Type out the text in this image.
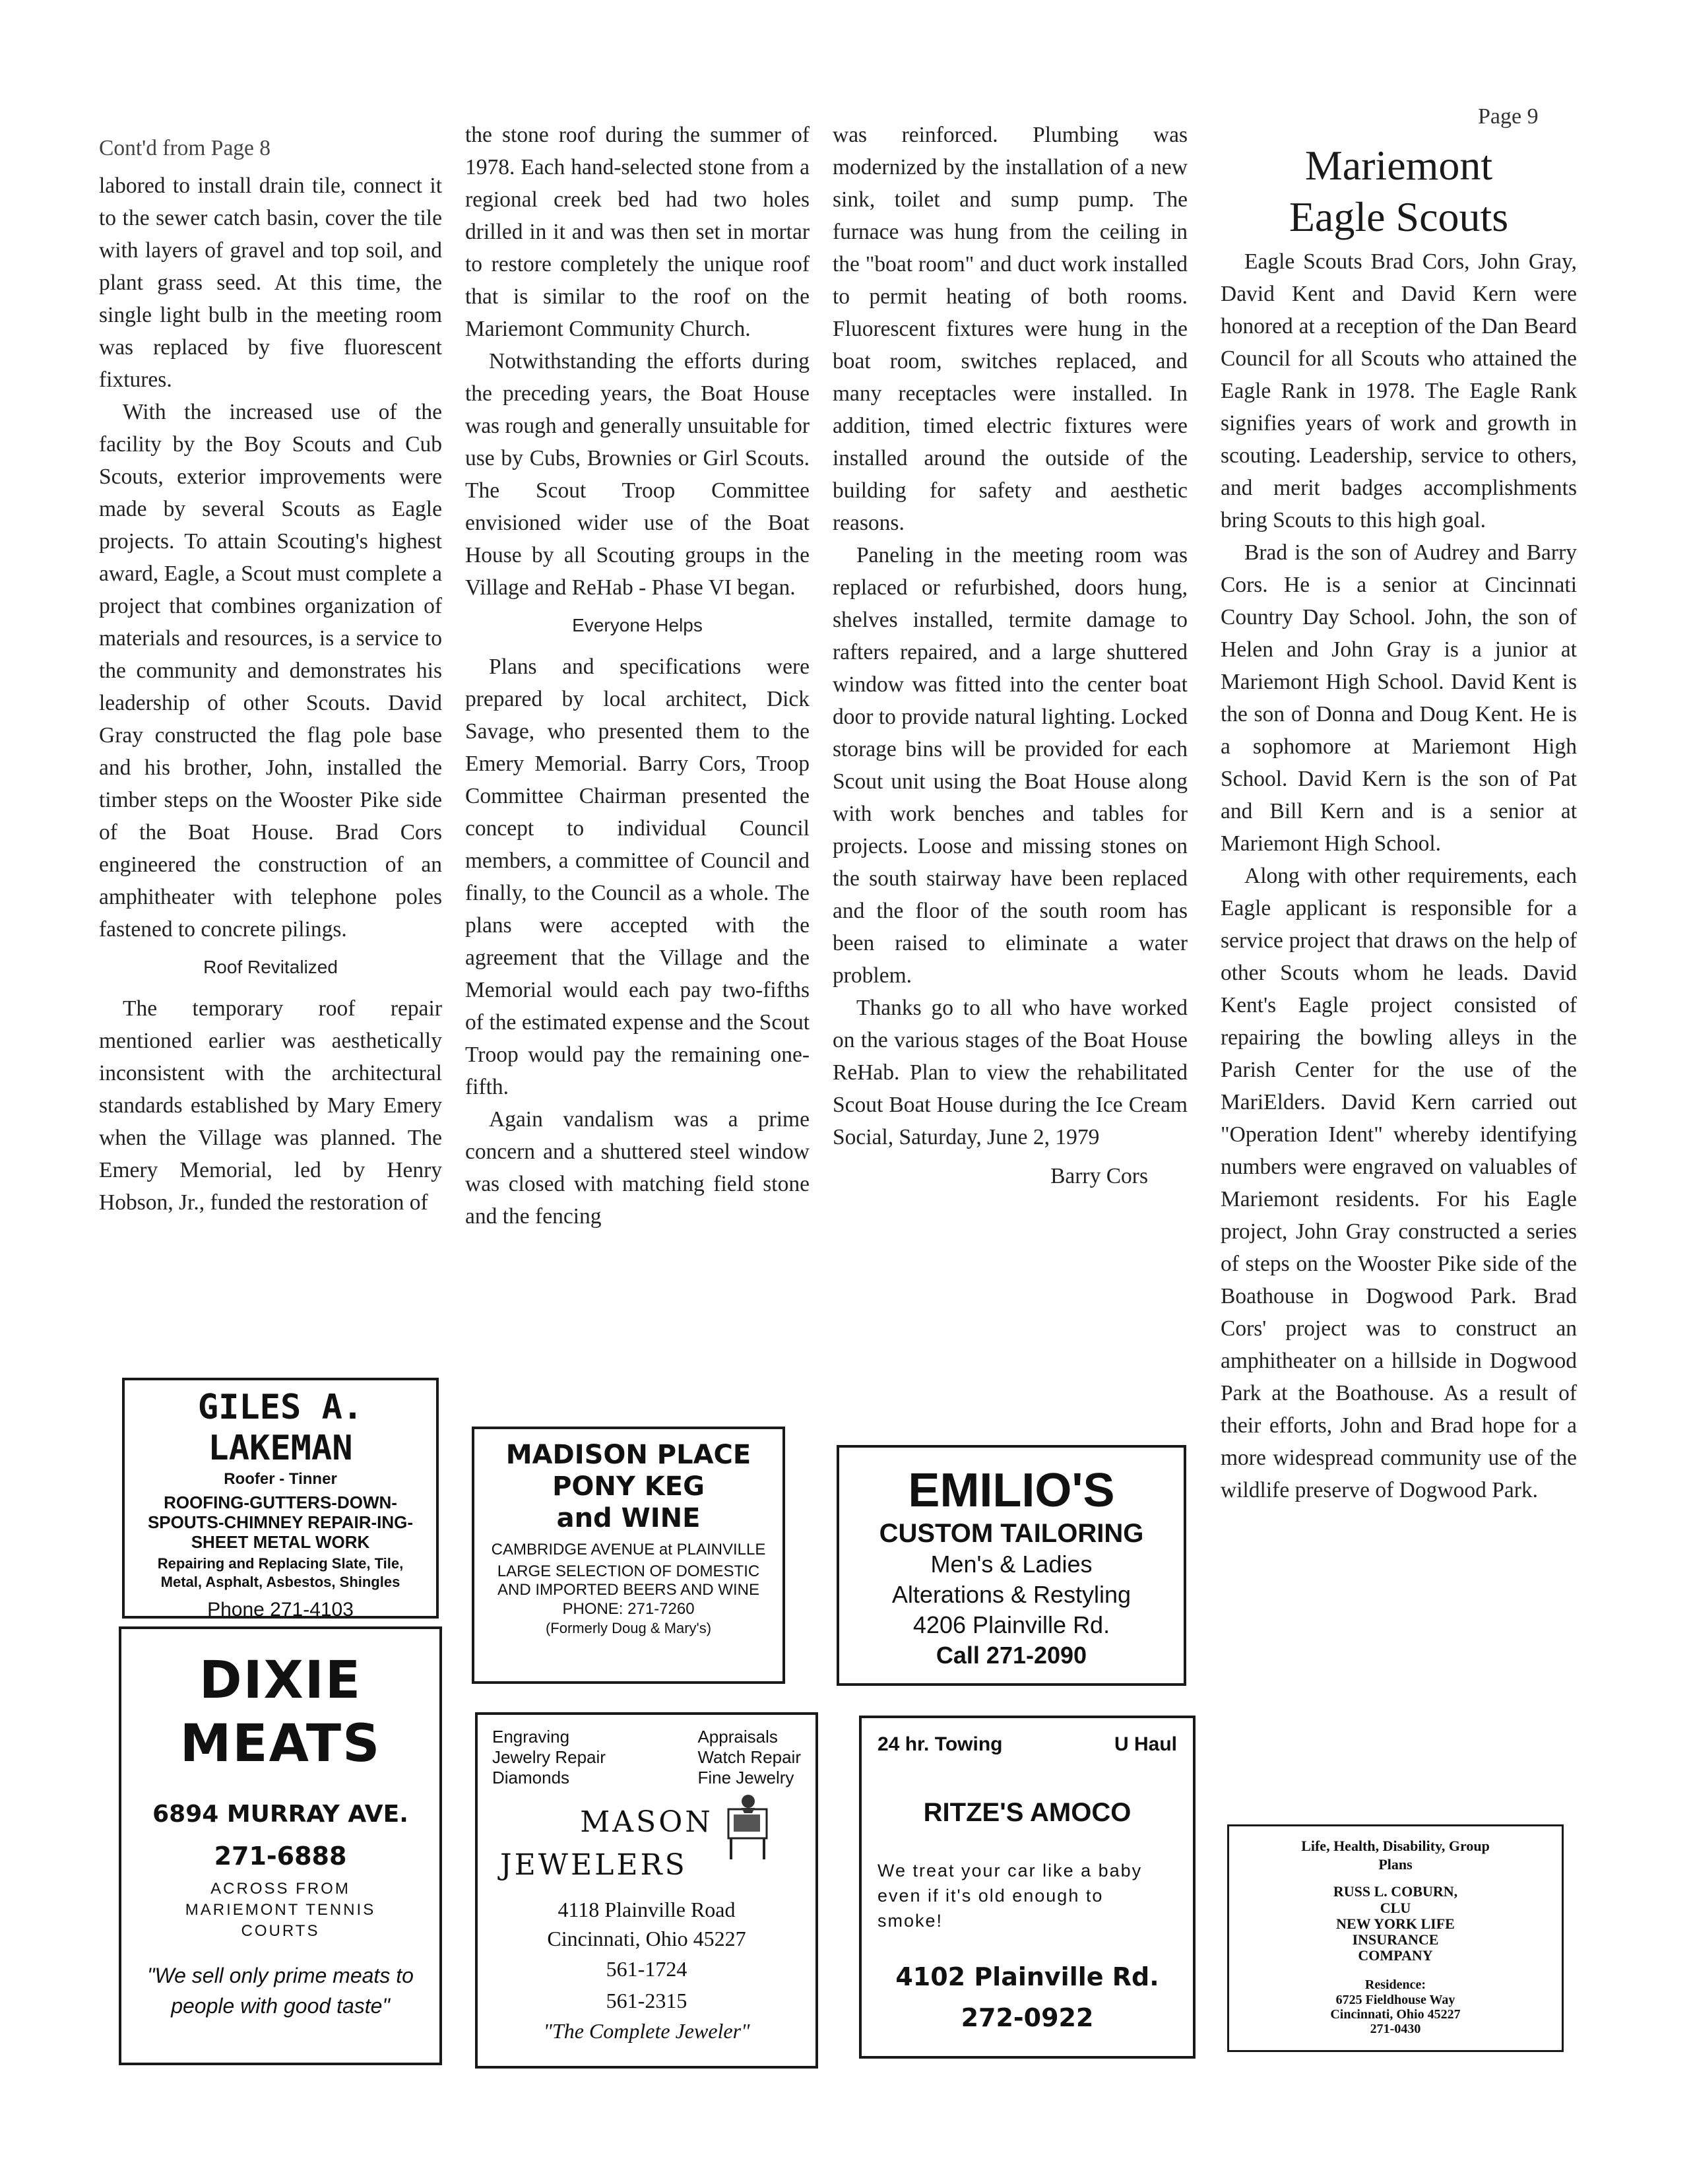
Page 9

Cont'd from Page 8

labored to install drain tile, connect it to the sewer catch basin, cover the tile with layers of gravel and top soil, and plant grass seed. At this time, the single light bulb in the meeting room was replaced by five fluorescent fixtures.

With the increased use of the facility by the Boy Scouts and Cub Scouts, exterior improvements were made by several Scouts as Eagle projects. To attain Scouting's highest award, Eagle, a Scout must complete a project that combines organization of materials and resources, is a service to the community and demonstrates his leadership of other Scouts. David Gray constructed the flag pole base and his brother, John, installed the timber steps on the Wooster Pike side of the Boat House. Brad Cors engineered the construction of an amphitheater with telephone poles fastened to concrete pilings.

Roof Revitalized

The temporary roof repair mentioned earlier was aesthetically inconsistent with the architectural standards established by Mary Emery when the Village was planned. The Emery Memorial, led by Henry Hobson, Jr., funded the restoration of

the stone roof during the summer of 1978. Each hand-selected stone from a regional creek bed had two holes drilled in it and was then set in mortar to restore completely the unique roof that is similar to the roof on the Mariemont Community Church.

Notwithstanding the efforts during the preceding years, the Boat House was rough and generally unsuitable for use by Cubs, Brownies or Girl Scouts. The Scout Troop Committee envisioned wider use of the Boat House by all Scouting groups in the Village and ReHab - Phase VI began.

Everyone Helps

Plans and specifications were prepared by local architect, Dick Savage, who presented them to the Emery Memorial. Barry Cors, Troop Committee Chairman presented the concept to individual Council members, a committee of Council and finally, to the Council as a whole. The plans were accepted with the agreement that the Village and the Memorial would each pay two-fifths of the estimated expense and the Scout Troop would pay the remaining one-fifth.

Again vandalism was a prime concern and a shuttered steel window was closed with matching field stone and the fencing

was reinforced. Plumbing was modernized by the installation of a new sink, toilet and sump pump. The furnace was hung from the ceiling in the "boat room" and duct work installed to permit heating of both rooms. Fluorescent fixtures were hung in the boat room, switches replaced, and many receptacles were installed. In addition, timed electric fixtures were installed around the outside of the building for safety and aesthetic reasons.

Paneling in the meeting room was replaced or refurbished, doors hung, shelves installed, termite damage to rafters repaired, and a large shuttered window was fitted into the center boat door to provide natural lighting. Locked storage bins will be provided for each Scout unit using the Boat House along with work benches and tables for projects. Loose and missing stones on the south stairway have been replaced and the floor of the south room has been raised to eliminate a water problem.

Thanks go to all who have worked on the various stages of the Boat House ReHab. Plan to view the rehabilitated Scout Boat House during the Ice Cream Social, Saturday, June 2, 1979

Barry Cors

Mariemont
Eagle Scouts

Eagle Scouts Brad Cors, John Gray, David Kent and David Kern were honored at a reception of the Dan Beard Council for all Scouts who attained the Eagle Rank in 1978. The Eagle Rank signifies years of work and growth in scouting. Leadership, service to others, and merit badges accomplishments bring Scouts to this high goal.

Brad is the son of Audrey and Barry Cors. He is a senior at Cincinnati Country Day School. John, the son of Helen and John Gray is a junior at Mariemont High School. David Kent is the son of Donna and Doug Kent. He is a sophomore at Mariemont High School. David Kern is the son of Pat and Bill Kern and is a senior at Mariemont High School.

Along with other requirements, each Eagle applicant is responsible for a service project that draws on the help of other Scouts whom he leads. David Kent's Eagle project consisted of repairing the bowling alleys in the Parish Center for the use of the MariElders. David Kern carried out "Operation Ident" whereby identifying numbers were engraved on valuables of Mariemont residents. For his Eagle project, John Gray constructed a series of steps on the Wooster Pike side of the Boathouse in Dogwood Park. Brad Cors' project was to construct an amphitheater on a hillside in Dogwood Park at the Boathouse. As a result of their efforts, John and Brad hope for a more widespread community use of the wildlife preserve of Dogwood Park.

GILES A. LAKEMAN
Roofer - Tinner
ROOFING-GUTTERS-DOWN-SPOUTS-CHIMNEY REPAIR-ING-SHEET METAL WORK
Repairing and Replacing Slate, Tile, Metal, Asphalt, Asbestos, Shingles
Phone 271-4103
DIXIE
MEATS
6894 MURRAY AVE.
271-6888
ACROSS FROM MARIEMONT TENNIS COURTS
"We sell only prime meats to people with good taste"
MADISON PLACE
PONY KEG
and WINE
CAMBRIDGE AVENUE at PLAINVILLE
LARGE SELECTION OF DOMESTIC AND IMPORTED BEERS AND WINE
PHONE: 271-7260
(Formerly Doug & Mary's)
Engraving
Jewelry Repair
Diamonds
Appraisals
Watch Repair
Fine Jewelry
MASON
JEWELERS
4118 Plainville Road
Cincinnati, Ohio 45227
561-1724
561-2315
"The Complete Jeweler"
EMILIO'S
CUSTOM TAILORING
Men's & Ladies
Alterations & Restyling
4206 Plainville Rd.
Call 271-2090
24 hr. Towing	U Haul
RITZE'S AMOCO
We treat your car like a baby even if it's old enough to smoke!
4102 Plainville Rd.
272-0922
Life, Health, Disability, Group Plans
RUSS L. COBURN,
CLU
NEW YORK LIFE INSURANCE COMPANY
Residence:
6725 Fieldhouse Way
Cincinnati, Ohio 45227
271-0430
